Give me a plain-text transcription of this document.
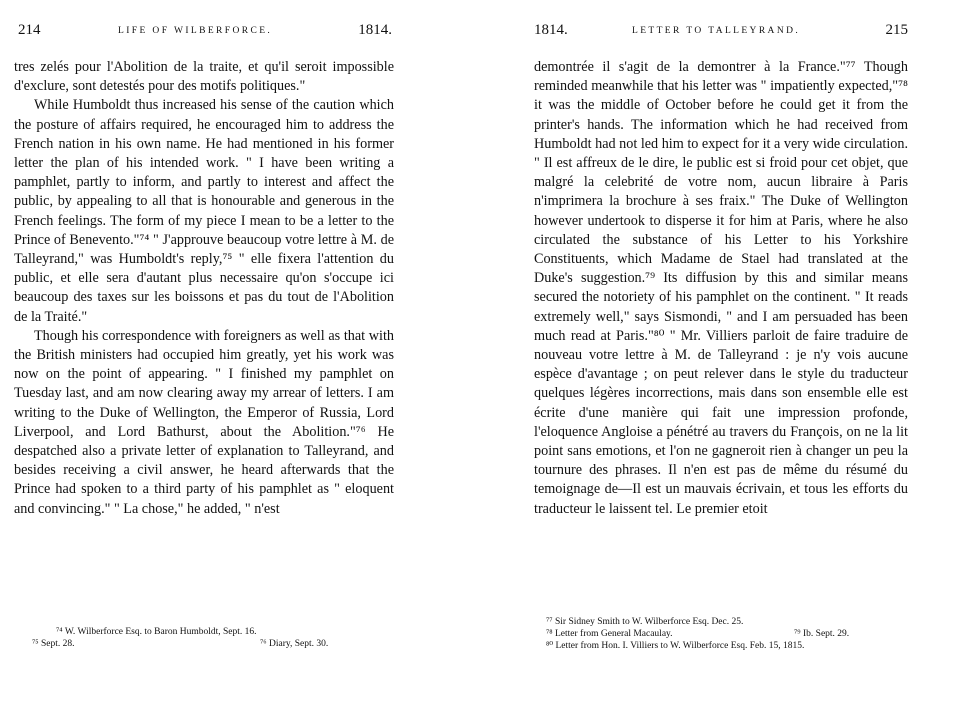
214	LIFE OF WILBERFORCE.	1814.

tres zelés pour l'Abolition de la traite, et qu'il seroit impossible d'exclure, sont detestés pour des motifs politiques."

While Humboldt thus increased his sense of the caution which the posture of affairs required, he encouraged him to address the French nation in his own name. He had mentioned in his former letter the plan of his intended work. " I have been writing a pamphlet, partly to inform, and partly to interest and affect the public, by appealing to all that is honourable and generous in the French feelings. The form of my piece I mean to be a letter to the Prince of Benevento."⁷⁴ " J'approuve beaucoup votre lettre à M. de Talleyrand," was Humboldt's reply,⁷⁵ " elle fixera l'attention du public, et elle sera d'autant plus necessaire qu'on s'occupe ici beaucoup des taxes sur les boissons et pas du tout de l'Abolition de la Traité."

Though his correspondence with foreigners as well as that with the British ministers had occupied him greatly, yet his work was now on the point of appearing. " I finished my pamphlet on Tuesday last, and am now clearing away my arrear of letters. I am writing to the Duke of Wellington, the Emperor of Russia, Lord Liverpool, and Lord Bathurst, about the Abolition."⁷⁶ He despatched also a private letter of explanation to Talleyrand, and besides receiving a civil answer, he heard afterwards that the Prince had spoken to a third party of his pamphlet as " eloquent and convincing." " La chose," he added, " n'est

⁷⁴ W. Wilberforce Esq. to Baron Humboldt, Sept. 16.
⁷⁵ Sept. 28.	⁷⁶ Diary, Sept. 30.
1814.	LETTER TO TALLEYRAND.	215

demontrée il s'agit de la demontrer à la France."⁷⁷ Though reminded meanwhile that his letter was " impatiently expected,"⁷⁸ it was the middle of October before he could get it from the printer's hands. The information which he had received from Humboldt had not led him to expect for it a very wide circulation. " Il est affreux de le dire, le public est si froid pour cet objet, que malgré la celebrité de votre nom, aucun libraire à Paris n'imprimera la brochure à ses fraix." The Duke of Wellington however undertook to disperse it for him at Paris, where he also circulated the substance of his Letter to his Yorkshire Constituents, which Madame de Stael had translated at the Duke's suggestion.⁷⁹ Its diffusion by this and similar means secured the notoriety of his pamphlet on the continent. " It reads extremely well," says Sismondi, " and I am persuaded has been much read at Paris."⁸⁰ " Mr. Villiers parloit de faire traduire de nouveau votre lettre à M. de Talleyrand : je n'y vois aucune espèce d'avantage ; on peut relever dans le style du traducteur quelques légères incorrections, mais dans son ensemble elle est écrite d'une manière qui fait une impression profonde, l'eloquence Angloise a pénétré au travers du François, on ne la lit point sans emotions, et l'on ne gagneroit rien à changer un peu la tournure des phrases. Il n'en est pas de même du résumé du temoignage de—Il est un mauvais écrivain, et tous les efforts du traducteur le laissent tel. Le premier etoit

⁷⁷ Sir Sidney Smith to W. Wilberforce Esq. Dec. 25.
⁷⁸ Letter from General Macaulay.	⁷⁹ Ib. Sept. 29.
⁸⁰ Letter from Hon. I. Villiers to W. Wilberforce Esq. Feb. 15, 1815.
